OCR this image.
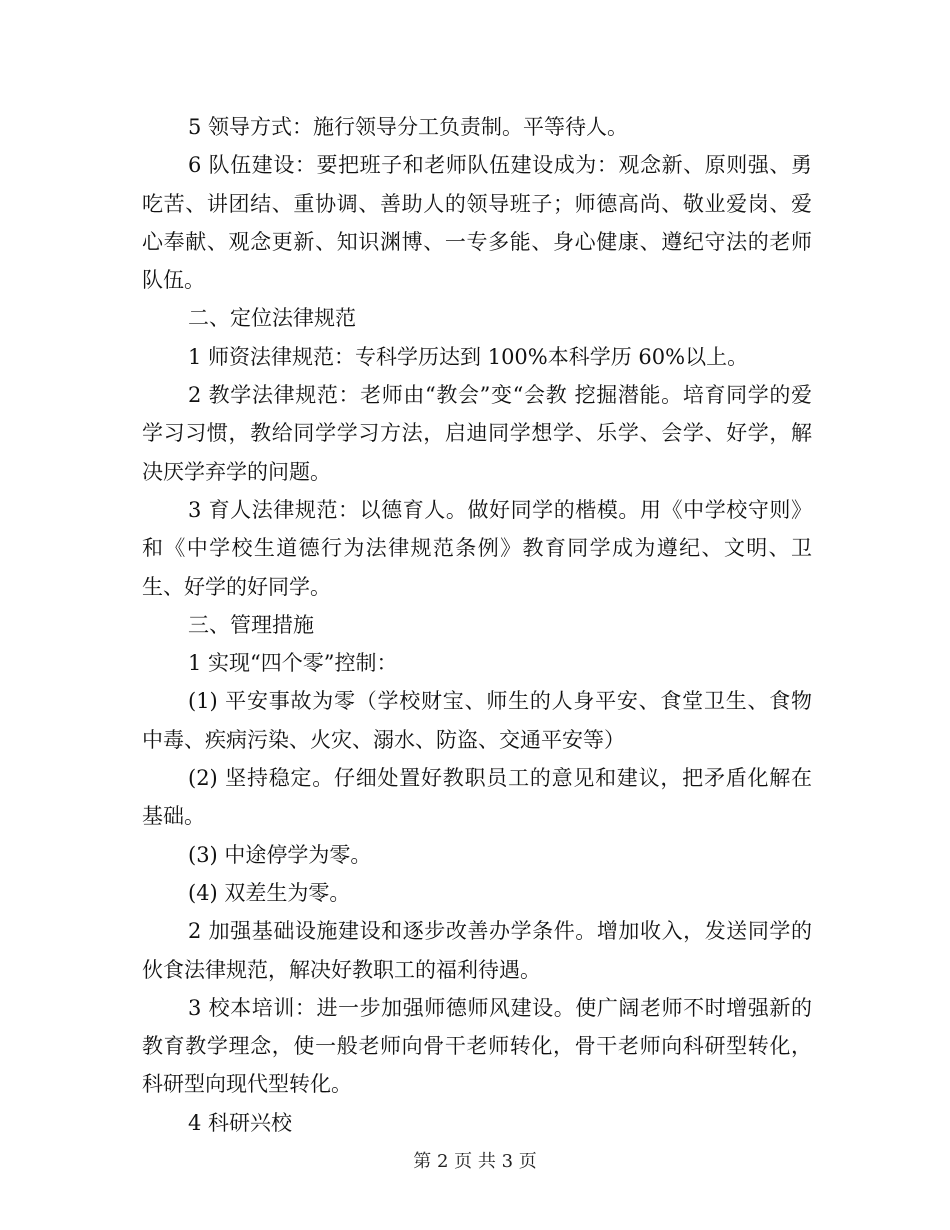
5 领导方式：施行领导分工负责制。平等待人。

6 队伍建设：要把班子和老师队伍建设成为：观念新、原则强、勇吃苦、讲团结、重协调、善助人的领导班子；师德高尚、敬业爱岗、爱心奉献、观念更新、知识渊博、一专多能、身心健康、遵纪守法的老师队伍。

二、定位法律规范

1 师资法律规范：专科学历达到 100%本科学历 60%以上。

2 教学法律规范：老师由“教会”变“会教 挖掘潜能。培育同学的爱学习习惯，教给同学学习方法，启迪同学想学、乐学、会学、好学，解决厌学弃学的问题。

3 育人法律规范：以德育人。做好同学的楷模。用《中学校守则》和《中学校生道德行为法律规范条例》教育同学成为遵纪、文明、卫生、好学的好同学。

三、管理措施

1 实现“四个零”控制：

(1) 平安事故为零（学校财宝、师生的人身平安、食堂卫生、食物中毒、疾病污染、火灾、溺水、防盗、交通平安等）

(2) 坚持稳定。仔细处置好教职员工的意见和建议，把矛盾化解在基础。

(3) 中途停学为零。

(4) 双差生为零。

2 加强基础设施建设和逐步改善办学条件。增加收入，发送同学的伙食法律规范，解决好教职工的福利待遇。

3 校本培训：进一步加强师德师风建设。使广阔老师不时增强新的教育教学理念，使一般老师向骨干老师转化，骨干老师向科研型转化，科研型向现代型转化。

4 科研兴校

第 2 页 共 3 页
